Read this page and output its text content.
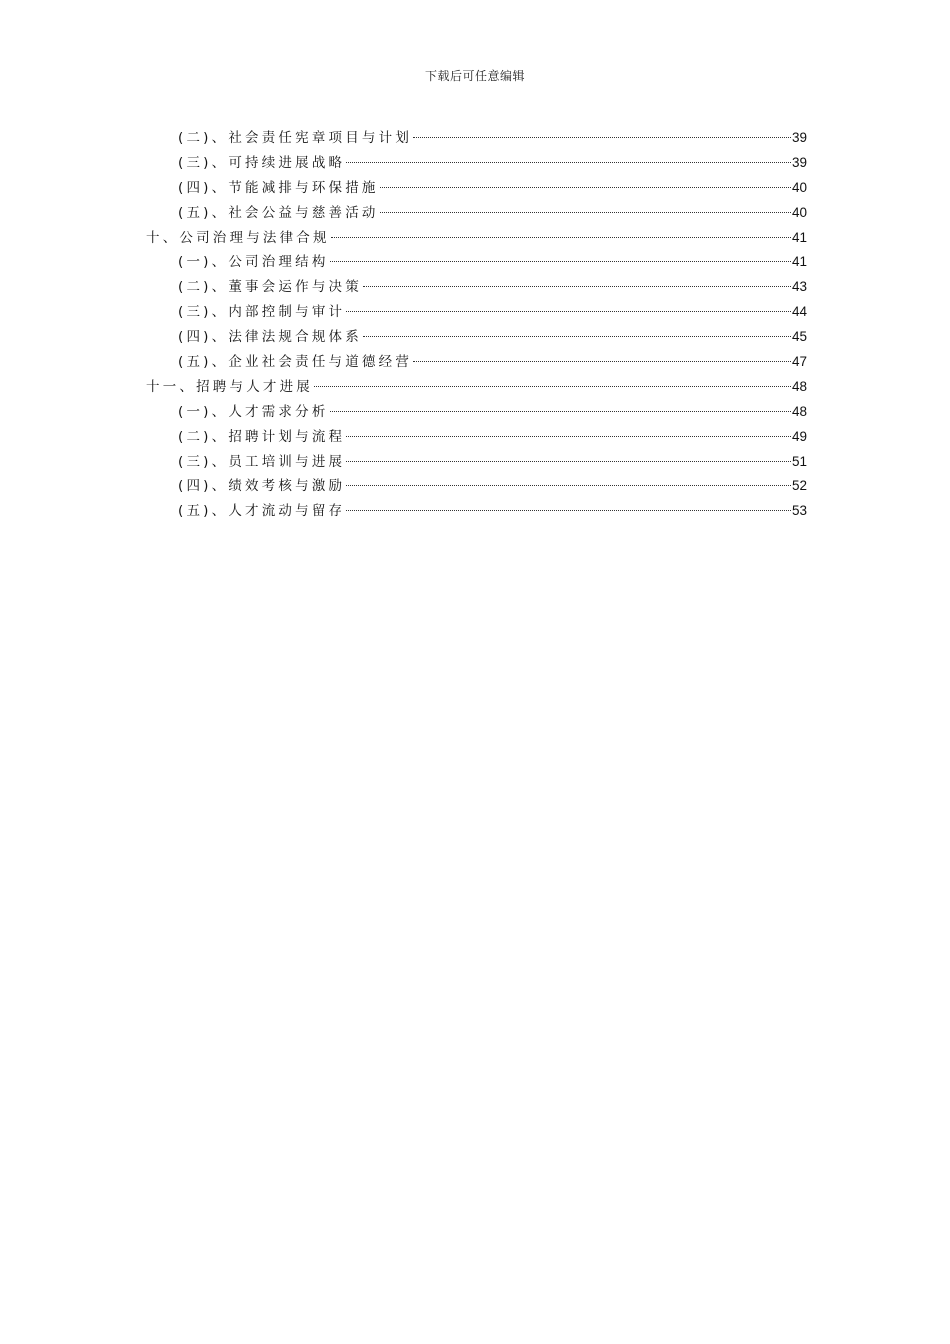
下载后可任意编辑
(二)、社会责任宪章项目与计划	39
(三)、可持续进展战略	39
(四)、节能减排与环保措施	40
(五)、社会公益与慈善活动	40
十、公司治理与法律合规	41
(一)、公司治理结构	41
(二)、董事会运作与决策	43
(三)、内部控制与审计	44
(四)、法律法规合规体系	45
(五)、企业社会责任与道德经营	47
十一、招聘与人才进展	48
(一)、人才需求分析	48
(二)、招聘计划与流程	49
(三)、员工培训与进展	51
(四)、绩效考核与激励	52
(五)、人才流动与留存	53
